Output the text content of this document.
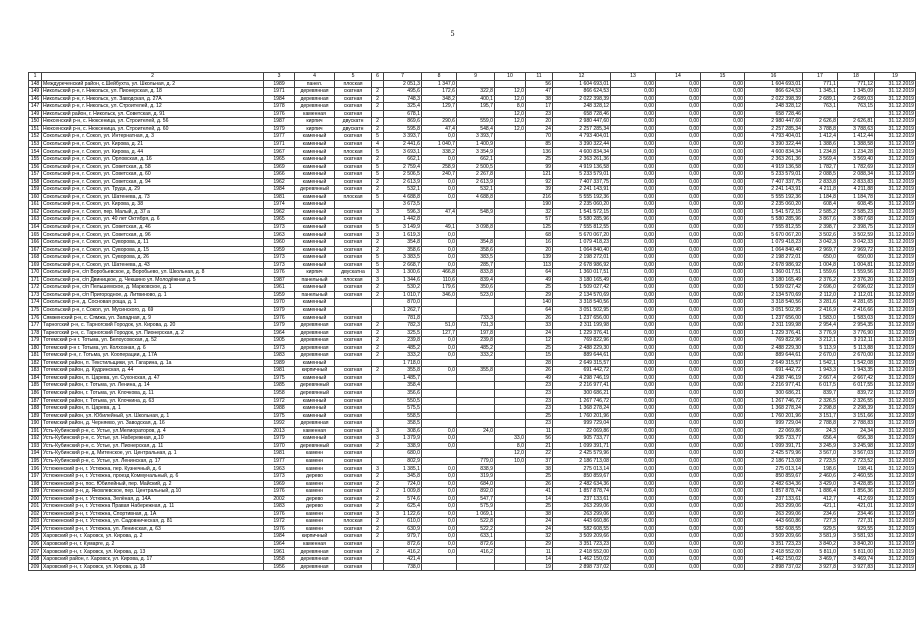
5
1	2	3	4	5	6	7	8	9	10	11	12	13	14	15	16	17	18	19
148	Междуреченский район, с.Шейбухта, ул. Школьная, д. 2	1989	панел.	плоская		2 051,3	1 347,0			56	1 604 693,01	0,00	0,00	0,00	1 604 693,01	771,1	771,12	31.12.2019
149	Никольский р-н, г. Никольск, ул. Пионерская, д. 18	1971	деревянная	скатная	2	495,6	172,6	322,8	12,0	47	866 624,53	0,00	0,00	0,00	866 624,53	1 345,1	1 345,09	31.12.2019
146	Никольский р-н, г. Никольск, ул. Заводская, д. 27А	1984	деревянная	скатная	2	748,3	348,2	400,1	12,0	38	2 022 398,39	0,00	0,00	0,00	2 022 398,39	2 689,1	2 689,03	31.12.2019
147	Никольский р-н, г. Никольск, ул. Строителей, д. 12	1978	деревянная	скатная	2	325,4	129,7	195,7	8,0	17	248 328,12	0,00	0,00	0,00	248 328,12	763,1	763,15	31.12.2019
149	Никольский район, г. Никольск, ул. Советская, д. 91	1976	каменная	скатная		678,1			12,0	23	658 728,46	0,00	0,00	0,00	658 728,46			31.12.2019
150	Нюксенский р-н, с. Нюксеница, ул. Строителей, д. 56	1987	кирпич	двускатн	2	869,6	290,6	559,0	12,0	20	2 980 447,60	0,00	0,00	0,00	2 980 447,60	2 626,8	2 626,81	31.12.2019
151	Нюксенский р-н, с. Нюксеница, ул. Строителей, д. 60	1979	кирпич	двускатн	2	595,8	47,4	548,4	12,0	24	2 257 285,34	0,00	0,00	0,00	2 257 285,34	3 788,8	3 788,63	31.12.2019
152	Сокольский р-н, г. Сокол, ул. Интернатная, д. 3	1977	каменный	скатная	5	3 393,7	0,0	3 393,7		70	4 793 404,01	0,00	0,00	0,00	4 793 404,01	1 412,4	1 412,44	31.12.2019
153	Сокольский р-н, г. Сокол, ул. Кирова, д. 21	1971	каменный	скатная	4	2 441,6	1 040,7	1 400,9		85	3 390 322,44	0,00	0,00	0,00	3 390 322,44	1 388,6	1 388,58	31.12.2019
154	Сокольский р-н, г. Сокол, ул. Кирова, д. 44	1967	каменный	плоская	5	3 693,1	338,2	3 354,9		136	4 600 834,34	0,00	0,00	0,00	4 600 834,34	1 234,8	1 234,28	31.12.2019
155	Сокольский р-н, г. Сокол, ул. Орловская, д. 16	1965	каменный	скатная	2	662,1	0,0	662,1		25	2 363 261,36	0,00	0,00	0,00	2 363 261,36	3 569,4	3 569,40	31.12.2019
156	Сокольский р-н, г. Сокол, ул. Советская, д. 58	1969	каменный	скатная	5	2 759,4	258,9	2 500,5		99	4 919 136,58	0,00	0,00	0,00	4 919 136,58	1 782,7	1 782,69	31.12.2019
157	Сокольский р-н, г. Сокол, ул. Советская, д. 60	1966	каменный	скатная	5	2 506,5	240,7	2 267,8		121	5 233 579,01	0,00	0,00	0,00	5 233 579,01	2 088,5	2 088,34	31.12.2019
158	Сокольский р-н, г. Сокол, ул. Советская, д. 94	1962	каменный	скатная	2	2 613,9	0,0	2 613,9		92	7 407 337,75	0,00	0,00	0,00	7 407 337,75	2 833,8	2 833,83	31.12.2019
159	Сокольский р-н, г. Сокол, ул. Труда, д. 29	1984	деревянный	скатная	2	532,1	0,0	532,1		39	2 241 143,91	0,00	0,00	0,00	2 241 143,91	4 211,8	4 211,88	31.12.2019
160	Сокольский р-н, г. Сокол, ул. Шатенева, д. 73	1981	каменный	плоская	5	4 688,8	0,0	4 688,8		216	5 555 192,36	0,00	0,00	0,00	5 555 192,36	1 184,8	1 184,78	31.12.2019
161	Сокольский р-н, г. Сокол, ул. Кирова, д. 38	1974	каменный			3 673,5				190	2 235 060,20	0,00	0,00	0,00	2 235 060,20	608,4	608,45	31.12.2019
162	Сокольский р-н, г. Сокол, пер. Малый, д. 37 а	1962	каменный	скатная	3	596,3	47,4	548,9		32	1 541 572,15	0,00	0,00	0,00	1 541 572,15	2 585,2	2 585,23	31.12.2019
163	Сокольский р-н, г. Сокол, ул. 40 лет Октября, д. 6	1965	каменный	скатная		1 442,8				57	5 580 285,96	0,00	0,00	0,00	5 580 285,96	3 867,6	3 867,68	31.12.2019
164	Сокольский р-н, г. Сокол, ул. Советская, д. 46	1973	каменный	скатная	5	3 149,9	49,1	3 098,8		125	7 555 812,55	0,00	0,00	0,00	7 555 812,55	2 398,7	2 398,75	31.12.2019
165	Сокольский р-н, г. Сокол, ул. Советская, д. 96	1963	каменный	скатная	3	1 619,3	0,0			68	5 670 067,20	0,00	0,00	0,00	5 670 067,20	3 502,6	3 502,59	31.12.2019
166	Сокольский р-н, г. Сокол, ул. Суворова, д. 11	1960	каменный	скатная	2	354,8	0,0	354,8		16	1 079 418,23	0,00	0,00	0,00	1 079 418,23	3 042,3	3 042,33	31.12.2019
167	Сокольский р-н, г. Сокол, ул. Суворова, д. 15	1959	каменный	скатная	2	358,6	0,0	358,6		20	1 064 840,40	0,00	0,00	0,00	1 064 840,40	2 969,7	2 969,72	31.12.2019
168	Сокольский р-н, г. Сокол, ул. Суворова, д. 26	1973	каменный	скатная	5	3 383,5	0,0	383,5		139	2 198 272,01	0,00	0,00	0,00	2 198 272,01	650,0	650,00	31.12.2019
169	Сокольский р-н, г. Сокол, ул. Шатенева, д. 43	1973	каменный	скатная	5	2 668,7	0,0	285,7		113	2 678 986,92	0,00	0,00	0,00	2 678 986,92	1 004,8	1 004,81	31.12.2019
170	Сокольский р-н, с/п Воробьевское, д. Воробьево, ул. Школьная, д. 8	1976	кирпич	двускатна	3	1 300,6	466,8	833,8		64	1 360 017,51	0,00	0,00	0,00	1 360 017,51	1 559,6	1 559,56	31.12.2019
171	Сокольский р-н, с/п Двиницкое, д. Чекшино ул. Молодёжная д. 5	1987	панельный	плоская	3	1 344,6	110,6	839,4		49	3 180 165,49	0,00	0,00	0,00	3 180 165,49	2 376,2	2 376,20	31.12.2019
172	Сокольский р-н, с/п Пельшемское, д. Марковское, д. 1	1961	каменный	скатная	2	530,2	179,6	350,6		25	1 509 027,42	0,00	0,00	0,00	1 509 027,42	2 696,0	2 696,02	31.12.2019
173	Сокольский р-н, с/п Пригородное, д. Литвиново, д. 1	1959	панельный	скатная	2	1 010,7	346,0	523,0		29	2 134 570,69	0,00	0,00	0,00	2 134 570,69	2 112,0	2 112,01	31.12.2019
174	Сокольский р-н, д. Сосновая роща, д. 1	1970	каменный			870,0				140	3 318 540,56	0,00	0,00	0,00	3 318 540,56	3 281,6	4 281,65	31.12.2019
175	Сокольский р-н, г. Сокол, ул. Мусинского, д. 69	1979	каменный			1 262,7				64	3 051 502,95	0,00	0,00	0,00	3 051 502,95	2 416,9	2 416,66	31.12.2019
176	Сямженский р-н, с. Сямжа, ул. Западная, д. 9	1976	каменный	скатная		781,8		733,3		26	1 237 656,00	0,00	0,00	0,00	1 237 656,00	1 583,0	1 583,03	31.12.2019
177	Тарногский р-н, с. Тарногский Городок, ул. Кирова, д. 20	1979	деревянная	скатная	2	782,3	51,0	731,3		33	2 311 199,98	0,00	0,00	0,00	2 311 199,98	2 954,4	2 954,35	31.12.2019
178	Тарногский р-н, с. Тарногский Городок, ул. Пионерская, д. 2	1964	деревянная	скатная	2	325,5	127,7	197,8		24	1 229 376,41	0,00	0,00	0,00	1 229 376,41	3 776,9	3 776,90	31.12.2019
179	Тотемский р-н г. Тотьма, ул. Белоусовская, д. 52	1905	деревянная	скатная	2	239,8	0,0	239,8		12	769 822,96	0,00	0,00	0,00	769 822,96	3 212,1	3 212,11	31.12.2019
180	Тотемский р-н г. Тотьма, ул. Колхозная, д. 6	1973	деревянная	скатная	2	485,2	0,0	485,2		25	2 488 229,30	0,00	0,00	0,00	2 488 229,30	5 113,9	5 113,88	31.12.2019
181	Тотемский р-н, г. Тотьма, ул. Кооперации, д. 17А	1983	деревянная	скатная	2	333,2	0,0	333,2		15	889 644,61	0,00	0,00	0,00	889 644,61	2 670,0	2 670,00	31.12.2019
182	Тотемский район, п. Текстильщики, ул. Гагарина, д. 1а	1989	каменный			1 718,0				28	2 649 315,57	0,00	0,00	0,00	2 649 315,57	1 542,1	1 542,08	31.12.2019
183	Тотемский район, д. Кудринская, д. 44	1981	кирпичный	скатная	2	355,8	0,0	355,8		26	691 442,72	0,00	0,00	0,00	691 442,72	1 943,3	1 943,35	31.12.2019
184	Тотемский район, п. Царева, ул. Сухонская, д. 47	1975	каменный	скатная		1 485,7				49	4 298 746,19	0,00	0,00	0,00	4 298 746,19	2 667,4	2 667,42	31.12.2019
185	Тотемский район, г. Тотьма, ул. Ленина, д. 14	1985	деревянный	скатная		358,4				23	2 216 977,41	0,00	0,00	0,00	2 216 977,41	6 017,5	6 017,55	31.12.2019
186	Тотемский район, г. Тотьма, ул. Клочкова, д. 11	1958	деревянный	скатная		356,6				23	300 686,21	0,00	0,00	0,00	300 686,21	839,7	839,72	31.12.2019
187	Тотемский район, г. Тотьма, ул. Клочкина, д. 63	1972	каменный	скатная		550,5				23	1 267 746,72	0,00	0,00	0,00	1 267 746,72	2 326,5	2 326,55	31.12.2019
188	Тотемский район, п. Царева, д. 1	1988	каменный	скатная		575,5				23	1 368 278,24	0,00	0,00	0,00	1 368 278,24	2 298,8	2 298,39	31.12.2019
189	Тотемский район, ул. Юбилейный, ул. Школьная, д. 1	1975	каменный	скатная		558,5				25	1 760 201,96	0,00	0,00	0,00	1 760 201,96	3 151,7	3 151,66	31.12.2019
190	Тотемский район, д. Черняево, ул. Заводская, д. 16	1992	деревянная	скатная		358,5				23	999 729,04	0,00	0,00	0,00	999 729,04	2 788,8	2 788,83	31.12.2019
191	Усть-Кубинский р-н, с. Устье, ул.Мелиораторов, д. 4	2013	каменная	скатная	3	308,6	0,0	24,0		11	22 069,86	0,00	0,00	0,00	22 069,86	24,3	24,34	31.12.2019
192	Усть-Кубинский р-н, с. Устье, ул. Набережная, д.10	1979	каменный	скатная	3	1 379,9	0,0		33,0	56	905 733,77	0,00	0,00	0,00	905 733,77	656,4	656,38	31.12.2019
193	Усть-Кубинский р-н, с. Устье, ул. Пионерская, д. 11	1970	деревянный	скатная	2	338,9	0,0		8,0	21	1 099 391,71	0,00	0,00	0,00	1 099 391,71	3 245,9	3 245,98	31.12.2019
194	Усть-Кубинский р-н, д. Митенское, ул. Центральная, д. 1	1981	каменн	скатная		680,0			12,0	22	2 425 579,96	0,00	0,00	0,00	2 425 579,96	3 567,0	3 567,03	31.12.2019
195	Усть-Кубинский р-н, с. Устье, ул. Ленинская, д. 17	1977	каменн	скатная		802,9		779,0	10,0	37	2 186 713,08	0,00	0,00	0,00	2 186 713,08	2 723,5	2 723,52	31.12.2019
196	Устюженский р-н, г. Устюжна, пер. Кузнечный, д. 6	1963	каменн	скатная	3	1 385,1	0,0	838,9		38	275 013,14	0,00	0,00	0,00	275 013,14	198,6	198,41	31.12.2019
197	Устюженский р-н, г. Устюжна, проезд Коммунальный, д. 6	1973	дерево	скатная	2	345,8	0,0	319,9		25	850 859,67	0,00	0,00	0,00	850 859,67	2 460,6	2 460,55	31.12.2019
198	Устюженский р-н, пос. Юбилейный, пер. Майский, д. 2	1969	каменн	скатная	2	724,0	0,0	684,0		26	2 482 634,36	0,00	0,00	0,00	2 482 634,36	3 429,0	3 428,85	31.12.2019
199	Устюженский р-н, д. Яковлевское, пер. Центральный, д.10	1976	каменн	скатная	2	1 009,8	0,0	892,0		41	1 857 878,74	0,00	0,00	0,00	1 857 878,74	1 886,4	1 856,36	31.12.2019
200	Устюженский р-н, г. Устюжна, Зелёная, д. 14А	2002	дерево	скатная	2	574,6	0,0	547,7		14	237 133,61	0,00	0,00	0,00	237 133,61	412,7	412,69	31.12.2019
201	Устюженский р-н, г. Устюжна Правая Набережная, д. 11	1983	дерево	скатная	2	625,4	0,0	575,9		25	263 299,06	0,00	0,00	0,00	263 299,06	421,1	421,01	31.12.2019
202	Устюженский р-н, г. Устюжна, Спортивная, д. 1А	1976	каменн	скатная	3	1 122,6	0,0	1 069,1		38	263 299,06	0,00	0,00	0,00	263 299,06	234,6	234,46	31.12.2019
203	Устюженский р-н, г. Устюжна, ул. Садовническая, д. 81	1972	каменн	плоская	2	610,0	0,0	522,8		24	443 660,86	0,00	0,00	0,00	443 660,86	727,3	727,31	31.12.2019
204	Устюженский р-н, г. Устюжна, ул. Ленинская, д. 63	1976	каменн	скатная	2	630,9	0,0	522,2		24	582 608,55	0,00	0,00	0,00	582 608,55	929,5	929,55	31.12.2019
205	Харовский р-н, г. Харовск, ул. Кирова, д. 2	1984	кирпичный	скатная	2	979,7	0,0	633,1		32	3 509 209,66	0,00	0,00	0,00	3 509 209,66	3 581,9	3 581,93	31.12.2019
206	Харовский р-н, г. Кумарге, д. 2	1964	каменная	скатная		872,6	0,0	872,6		29	3 351 723,23	0,00	0,00	0,00	3 351 723,23	3 840,2	3 840,20	31.12.2019
207	Харовский р-н, г. Харовск, ул. Кирова, д. 13	1961	деревянная	скатная	2	416,2	0,0	416,2		11	2 418 552,00	0,00	0,00	0,00	2 418 552,00	5 811,0	5 811,00	31.12.2019
208	Харовский район, г. Харовск, ул. Кирова, д. 17	1958	деревянная	скатная		421,4				14	1 462 150,02	0,00	0,00	0,00	1 462 150,02	3 469,7	3 469,74	31.12.2019
209	Харовский р-н, г. Харовск, ул. Кирова, д. 18	1956	деревянная	скатная		738,0				19	2 898 737,02	0,00	0,00	0,00	2 898 737,02	3 927,8	3 927,83	31.12.2019
